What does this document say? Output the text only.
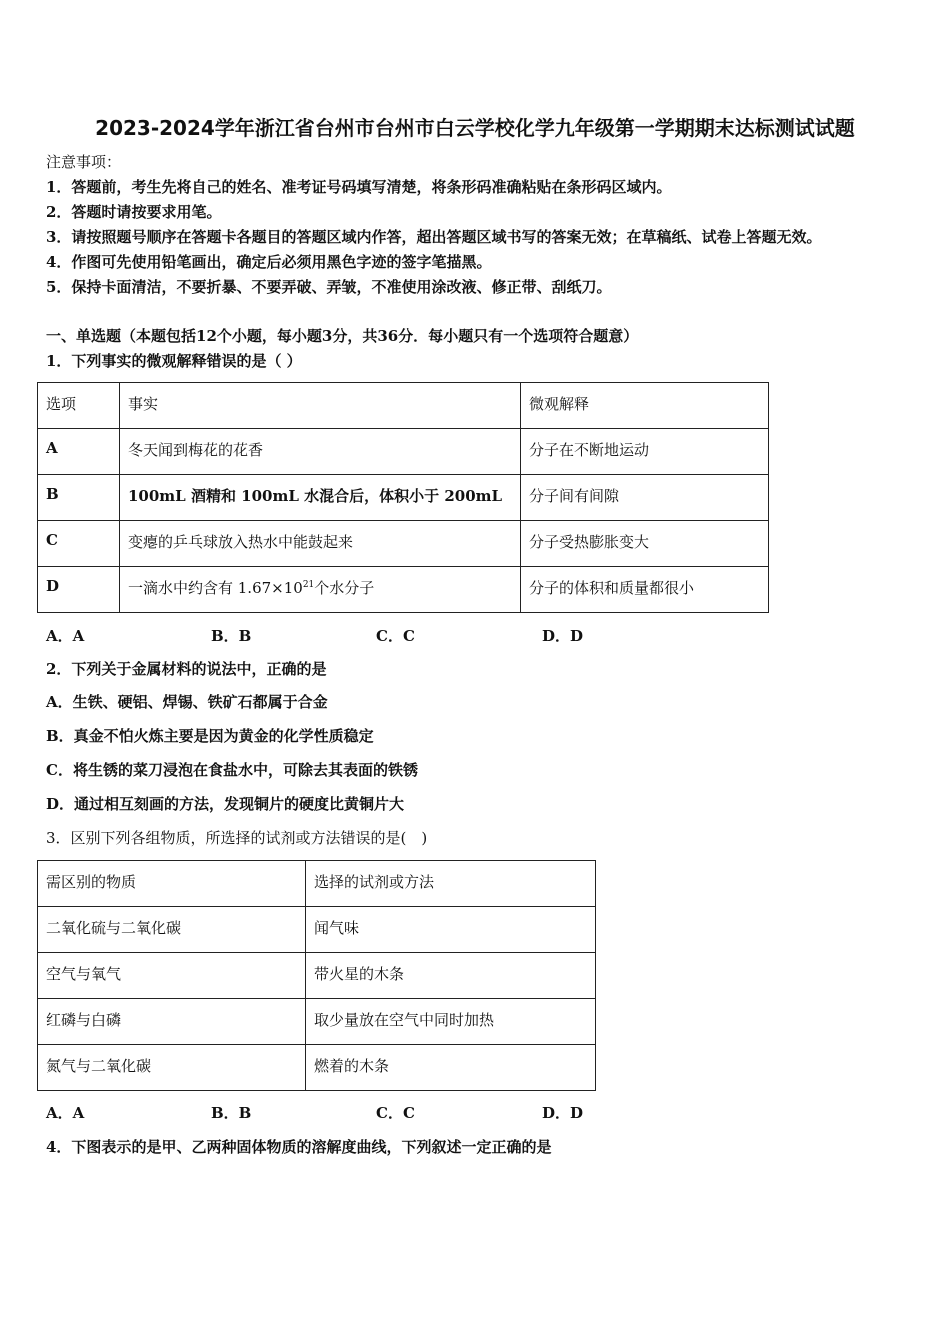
2023-2024学年浙江省台州市台州市白云学校化学九年级第一学期期末达标测试试题
注意事项：
1．答题前，考生先将自己的姓名、准考证号码填写清楚，将条形码准确粘贴在条形码区域内。
2．答题时请按要求用笔。
3．请按照题号顺序在答题卡各题目的答题区域内作答，超出答题区域书写的答案无效；在草稿纸、试卷上答题无效。
4．作图可先使用铅笔画出，确定后必须用黑色字迹的签字笔描黑。
5．保持卡面清洁，不要折暴、不要弄破、弄皱，不准使用涂改液、修正带、刮纸刀。
一、单选题（本题包括12个小题，每小题3分，共36分．每小题只有一个选项符合题意）
1．下列事实的微观解释错误的是（ ）
选项	事实	微观解释
A	冬天闻到梅花的花香	分子在不断地运动
B	100mL 酒精和 100mL 水混合后，体积小于 200mL	分子间有间隙
C	变瘪的乒乓球放入热水中能鼓起来	分子受热膨胀变大
D	一滴水中约含有 $1.67\times 10^{21}$个水分子	分子的体积和质量都很小
A．A	B．B	C．C	D．D
2．下列关于金属材料的说法中，正确的是
A．生铁、硬铝、焊锡、铁矿石都属于合金
B．真金不怕火炼主要是因为黄金的化学性质稳定
C．将生锈的菜刀浸泡在食盐水中，可除去其表面的铁锈
D．通过相互刻画的方法，发现铜片的硬度比黄铜片大
3．区别下列各组物质，所选择的试剂或方法错误的是(　)
需区别的物质	选择的试剂或方法
二氧化硫与二氧化碳	闻气味
空气与氧气	带火星的木条
红磷与白磷	取少量放在空气中同时加热
氮气与二氧化碳	燃着的木条
A．A	B．B	C．C	D．D
4．下图表示的是甲、乙两种固体物质的溶解度曲线，下列叙述一定正确的是
